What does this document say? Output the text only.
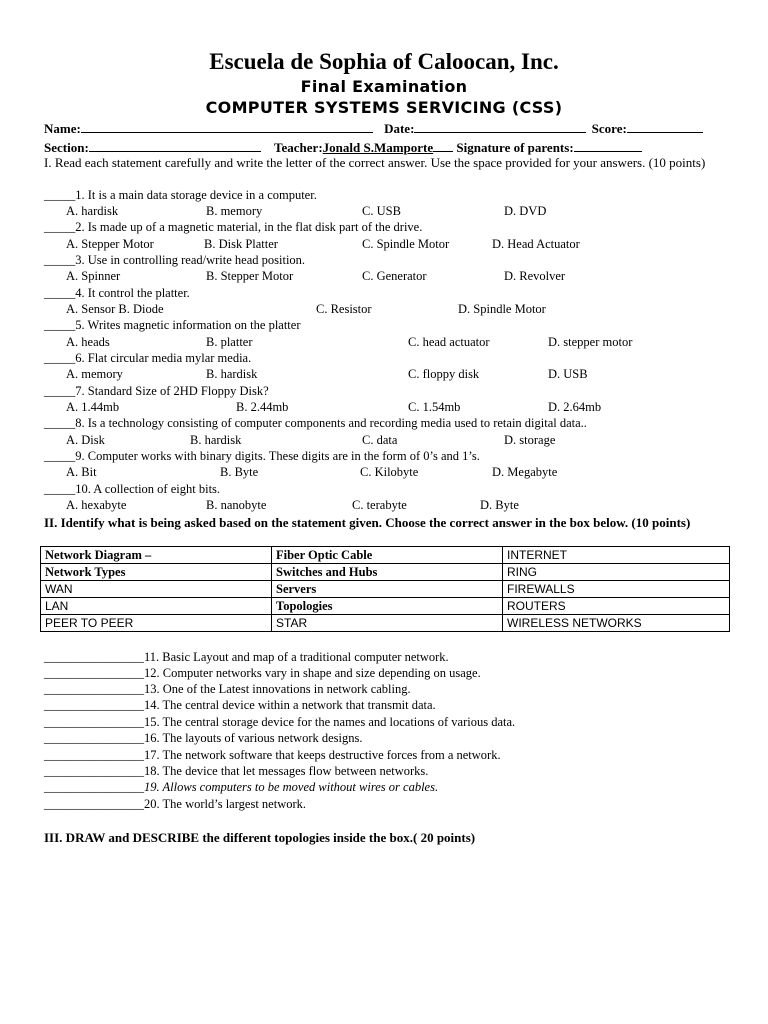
Escuela de Sophia of Caloocan, Inc.
Final Examination
COMPUTER SYSTEMS SERVICING (CSS)
Name:	Date:	Score:
Section:	Teacher:Jonald S.Mamporte Signature of parents:
I. Read each statement carefully and write the letter of the correct answer. Use the space provided for your answers. (10 points)
_____1. It is a main data storage device in a computer.
A. hardisk	B. memory	C. USB	D. DVD
_____2. Is made up of a magnetic material, in the flat disk part of the drive.
A. Stepper Motor	B. Disk Platter	C. Spindle Motor	D. Head Actuator
_____3. Use in controlling read/write head position.
A. Spinner	B. Stepper Motor	C. Generator	D. Revolver
_____4. It control the platter.
A. Sensor B. Diode	C. Resistor	D. Spindle Motor
_____5. Writes magnetic information on the platter
A. heads	B. platter	C. head actuator	D. stepper motor
_____6. Flat circular media mylar media.
A. memory	B. hardisk	C. floppy disk	D. USB
_____7. Standard Size of 2HD Floppy Disk?
A. 1.44mb	B. 2.44mb	C. 1.54mb	D. 2.64mb
_____8. Is a technology consisting of computer components and recording media used to retain digital data..
A. Disk	B. hardisk	C. data	D. storage
_____9. Computer works with binary digits. These digits are in the form of 0’s and 1’s.
A. Bit	B. Byte	C. Kilobyte	D. Megabyte
_____10. A collection of eight bits.
A. hexabyte	B. nanobyte	C. terabyte	D. Byte
II. Identify what is being asked based on the statement given. Choose the correct answer in the box below. (10 points)
Network Diagram –	Fiber Optic Cable	INTERNET
Network Types	Switches and Hubs	RING
WAN	Servers	FIREWALLS
LAN	Topologies	ROUTERS
PEER TO PEER	STAR	WIRELESS NETWORKS
________________11. Basic Layout and map of a traditional computer network.
________________12. Computer networks vary in shape and size depending on usage.
________________13. One of the Latest innovations in network cabling.
________________14. The central device within a network that transmit data.
________________15. The central storage device for the names and locations of various data.
________________16. The layouts of various network designs.
________________17. The network software that keeps destructive forces from a network.
________________18. The device that let messages flow between networks.
________________19. Allows computers to be moved without wires or cables.
________________20. The world’s largest network.
III. DRAW and DESCRIBE the different topologies inside the box.( 20 points)
